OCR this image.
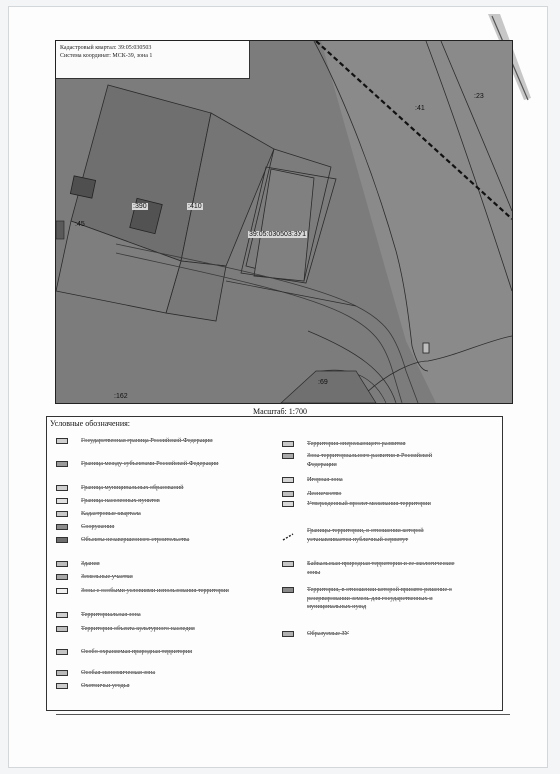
Кадастровый квартал: 39:05:030503
Система координат: МСК-39, зона 1
:41
:23
:390	:410
:45
39:05:030503:3У1
:69
:162
Масштаб: 1:700
Условные обозначения:
Государственная граница Российской Федерации
Граница между субъектами Российской Федерации
Граница муниципальных образований
Граница населенных пунктов
Кадастровые квартала
Сооружения
Объекты незавершенного строительства
Здания
Земельные участки
Зоны с особыми условиями использования территории
Территориальная зона
Территория объекта культурного наследия
Особо охраняемая природная территория
Особая экономическая зона
Охотничьи угодья
Территория опережающего развития
Зона территориального развития в Российской Федерации
Игорная зона
Лесничество
Утвержденный проект межевания территории
Границы территории, в отношении которой устанавливается публичный сервитут
Байкальская природная территория и ее экологические зоны
Территория, в отношении которой принято решение о резервировании земель для государственных и муниципальных нужд
Образуемые ЗУ
